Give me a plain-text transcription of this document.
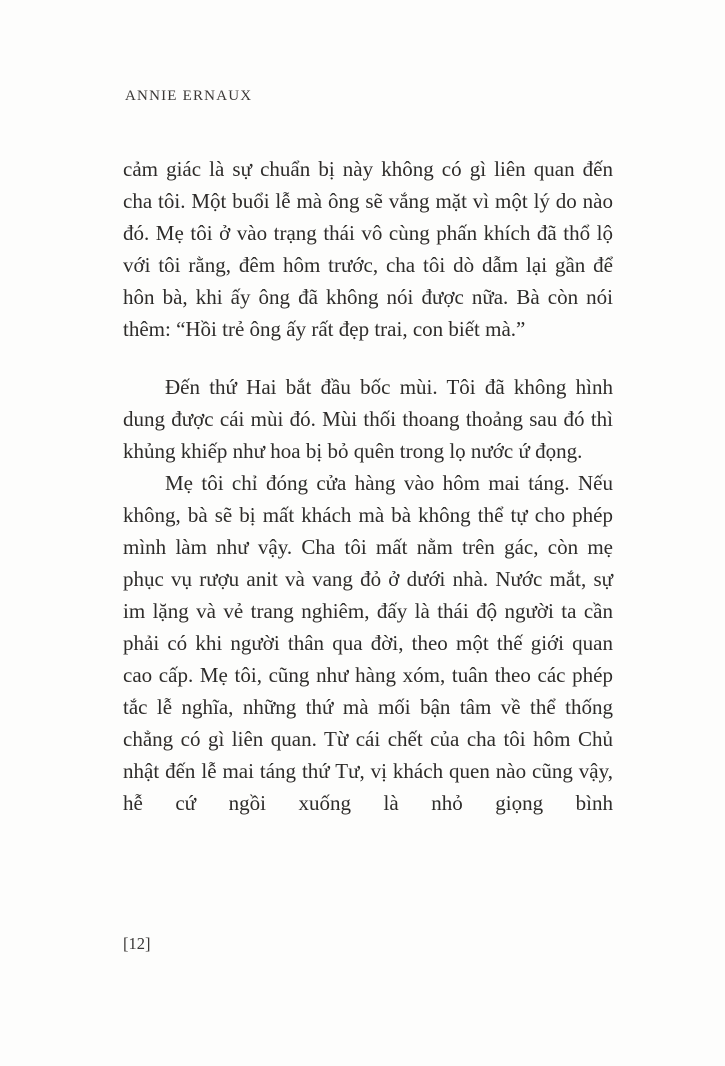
ANNIE ERNAUX

cảm giác là sự chuẩn bị này không có gì liên quan đến cha tôi. Một buổi lễ mà ông sẽ vắng mặt vì một lý do nào đó. Mẹ tôi ở vào trạng thái vô cùng phấn khích đã thổ lộ với tôi rằng, đêm hôm trước, cha tôi dò dẫm lại gần để hôn bà, khi ấy ông đã không nói được nữa. Bà còn nói thêm: “Hồi trẻ ông ấy rất đẹp trai, con biết mà.”

Đến thứ Hai bắt đầu bốc mùi. Tôi đã không hình dung được cái mùi đó. Mùi thối thoang thoảng sau đó thì khủng khiếp như hoa bị bỏ quên trong lọ nước ứ đọng.

Mẹ tôi chỉ đóng cửa hàng vào hôm mai táng. Nếu không, bà sẽ bị mất khách mà bà không thể tự cho phép mình làm như vậy. Cha tôi mất nằm trên gác, còn mẹ phục vụ rượu anit và vang đỏ ở dưới nhà. Nước mắt, sự im lặng và vẻ trang nghiêm, đấy là thái độ người ta cần phải có khi người thân qua đời, theo một thế giới quan cao cấp. Mẹ tôi, cũng như hàng xóm, tuân theo các phép tắc lễ nghĩa, những thứ mà mối bận tâm về thể thống chẳng có gì liên quan. Từ cái chết của cha tôi hôm Chủ nhật đến lễ mai táng thứ Tư, vị khách quen nào cũng vậy, hễ cứ ngồi xuống là nhỏ giọng bình

[12]
